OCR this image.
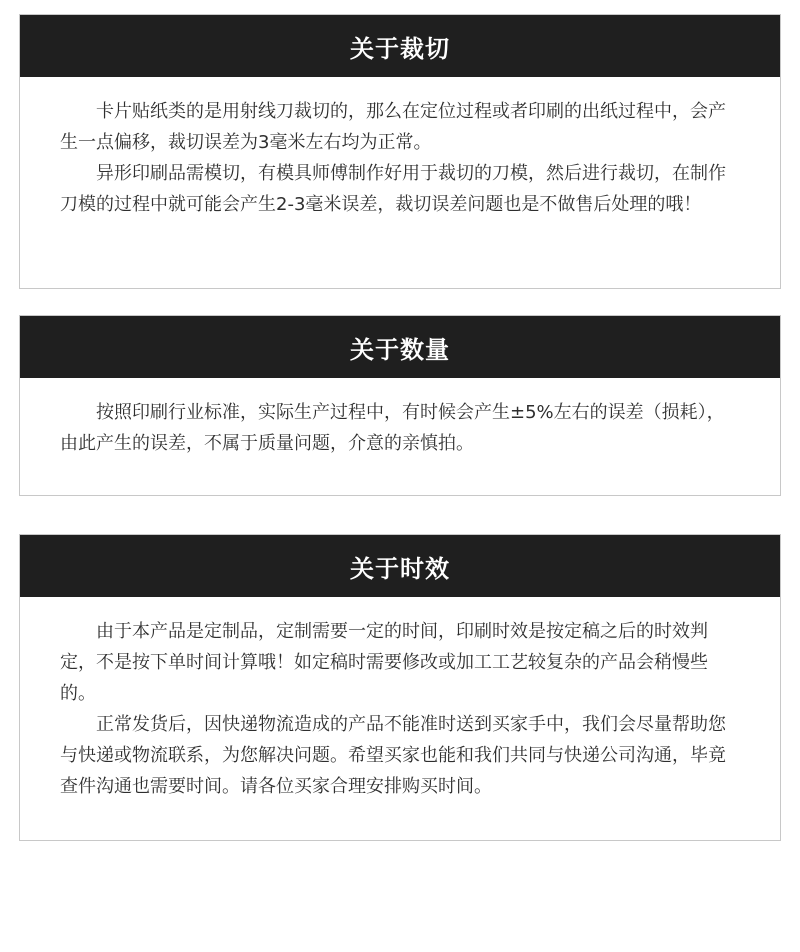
关于裁切

卡片贴纸类的是用射线刀裁切的，那么在定位过程或者印刷的出纸过程中，会产生一点偏移，裁切误差为3毫米左右均为正常。

异形印刷品需模切，有模具师傅制作好用于裁切的刀模，然后进行裁切，在制作刀模的过程中就可能会产生2-3毫米误差，裁切误差问题也是不做售后处理的哦！

关于数量

按照印刷行业标准，实际生产过程中，有时候会产生±5%左右的误差（损耗），由此产生的误差，不属于质量问题，介意的亲慎拍。

关于时效

由于本产品是定制品，定制需要一定的时间，印刷时效是按定稿之后的时效判定，不是按下单时间计算哦！如定稿时需要修改或加工工艺较复杂的产品会稍慢些的。

正常发货后，因快递物流造成的产品不能准时送到买家手中，我们会尽量帮助您与快递或物流联系，为您解决问题。希望买家也能和我们共同与快递公司沟通，毕竟查件沟通也需要时间。请各位买家合理安排购买时间。
